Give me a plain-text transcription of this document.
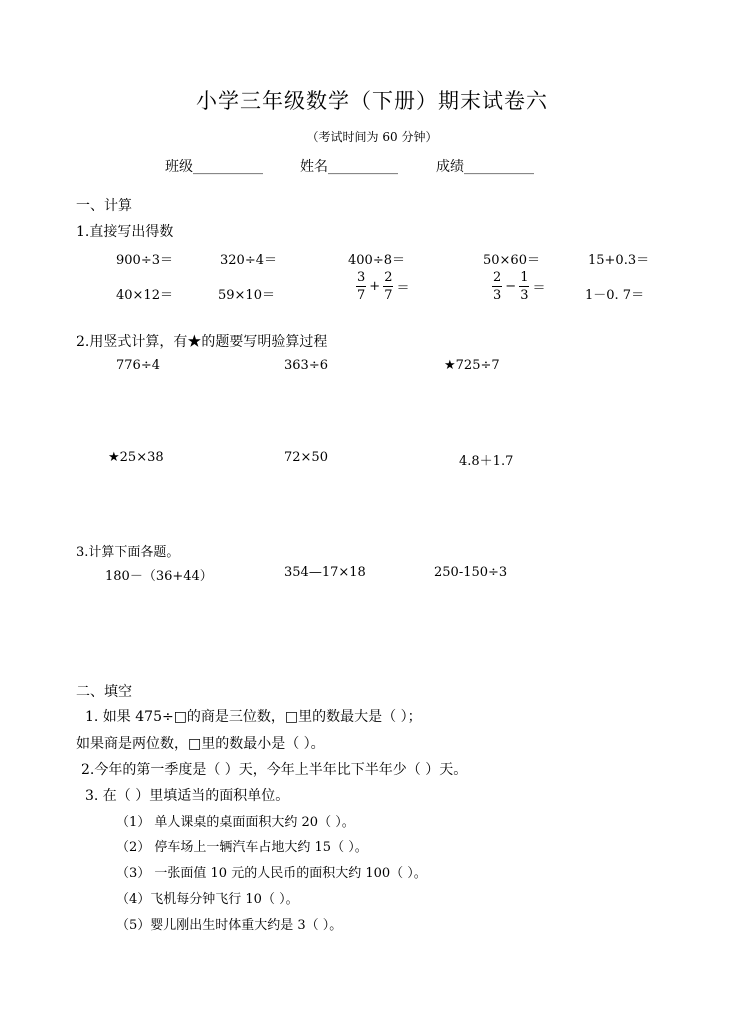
小学三年级数学（下册）期末试卷六
（考试时间为 60 分钟）
班级__________	姓名__________	成绩__________
一、计算
1.直接写出得数
900÷3＝	320÷4＝	400÷8＝	50×60＝	15+0.3＝
40×12＝	59×10＝	$\frac{3}{7} + \frac{2}{7}$ ＝	$\frac{2}{3} - \frac{1}{3}$ ＝	1－0. 7＝
2.用竖式计算，有★的题要写明验算过程
776÷4	363÷6	★725÷7
★25×38	72×50	4.8＋1.7
3.计算下面各题。
180－（36+44）	354—17×18	250-150÷3
二、填空
1. 如果 475÷□的商是三位数，□里的数最大是（ ）；
如果商是两位数，□里的数最小是（ ）。
2.今年的第一季度是（ ）天，今年上半年比下半年少（ ）天。
3. 在（ ）里填适当的面积单位。
（1） 单人课桌的桌面面积大约 20（ ）。
（2） 停车场上一辆汽车占地大约 15（ ）。
（3） 一张面值 10 元的人民币的面积大约 100（ ）。
（4）飞机每分钟飞行 10（ ）。
（5）婴儿刚出生时体重大约是 3（ ）。
